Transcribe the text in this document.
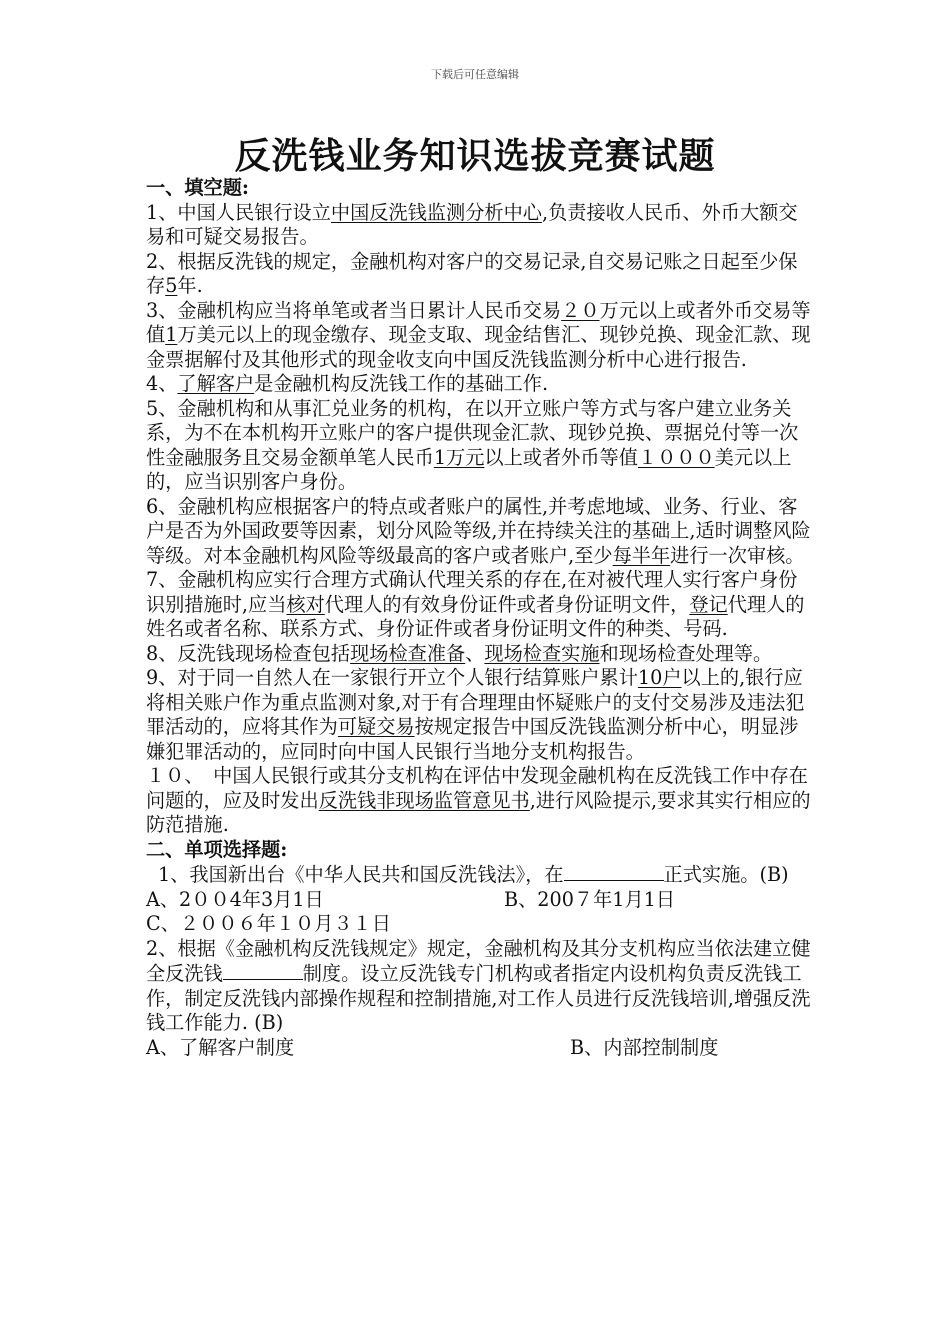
下载后可任意编辑
反洗钱业务知识选拔竞赛试题

一、填空题:

1、中国人民银行设立中国反洗钱监测分析中心,负责接收人民币、外币大额交易和可疑交易报告。

2、根据反洗钱的规定，金融机构对客户的交易记录,自交易记账之日起至少保存5年.

3、金融机构应当将单笔或者当日累计人民币交易２０万元以上或者外币交易等值1万美元以上的现金缴存、现金支取、现金结售汇、现钞兑换、现金汇款、现金票据解付及其他形式的现金收支向中国反洗钱监测分析中心进行报告.

4、了解客户是金融机构反洗钱工作的基础工作.

5、金融机构和从事汇兑业务的机构，在以开立账户等方式与客户建立业务关系，为不在本机构开立账户的客户提供现金汇款、现钞兑换、票据兑付等一次性金融服务且交易金额单笔人民币1万元以上或者外币等值１０００美元以上的，应当识别客户身份。

6、金融机构应根据客户的特点或者账户的属性,并考虑地域、业务、行业、客户是否为外国政要等因素，划分风险等级,并在持续关注的基础上,适时调整风险等级。对本金融机构风险等级最高的客户或者账户,至少每半年进行一次审核。

7、金融机构应实行合理方式确认代理关系的存在,在对被代理人实行客户身份识别措施时,应当核对代理人的有效身份证件或者身份证明文件，登记代理人的姓名或者名称、联系方式、身份证件或者身份证明文件的种类、号码.

8、反洗钱现场检查包括现场检查准备、现场检查实施和现场检查处理等。

9、对于同一自然人在一家银行开立个人银行结算账户累计10户以上的,银行应将相关账户作为重点监测对象,对于有合理理由怀疑账户的支付交易涉及违法犯罪活动的，应将其作为可疑交易按规定报告中国反洗钱监测分析中心，明显涉嫌犯罪活动的，应同时向中国人民银行当地分支机构报告。

１０、　中国人民银行或其分支机构在评估中发现金融机构在反洗钱工作中存在问题的，应及时发出反洗钱非现场监管意见书,进行风险提示,要求其实行相应的防范措施.

二、单项选择题:

1、我国新出台《中华人民共和国反洗钱法》，在	正式实施。(B)

A、2００4年3月1日	B、200７年1月1日

C、２００６年１０月３１日

2、根据《金融机构反洗钱规定》规定，金融机构及其分支机构应当依法建立健全反洗钱	制度。设立反洗钱专门机构或者指定内设机构负责反洗钱工作，制定反洗钱内部操作规程和控制措施,对工作人员进行反洗钱培训,增强反洗钱工作能力. (B)

A、了解客户制度	B、内部控制制度
